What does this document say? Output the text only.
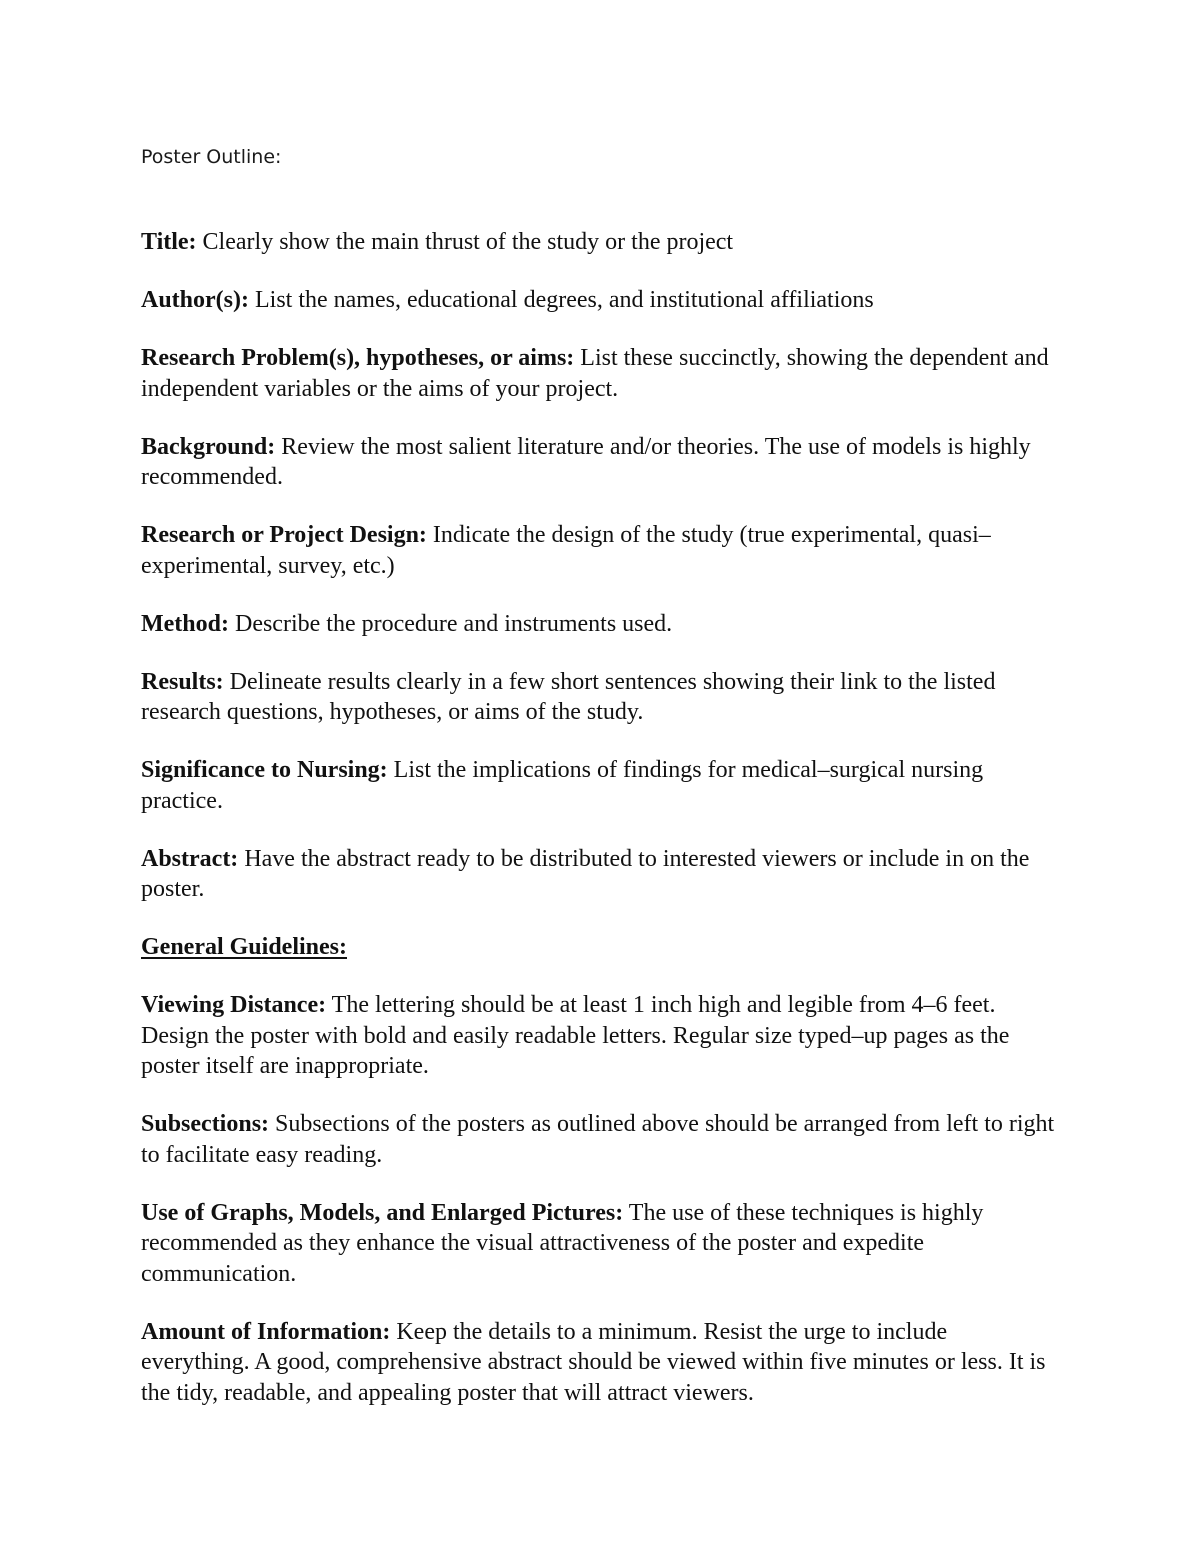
Poster Outline:

Title: Clearly show the main thrust of the study or the project

Author(s): List the names, educational degrees, and institutional affiliations

Research Problem(s), hypotheses, or aims: List these succinctly, showing the dependent and independent variables or the aims of your project.

Background: Review the most salient literature and/or theories. The use of models is highly recommended.

Research or Project Design: Indicate the design of the study (true experimental, quasi– experimental, survey, etc.)

Method: Describe the procedure and instruments used.

Results: Delineate results clearly in a few short sentences showing their link to the listed research questions, hypotheses, or aims of the study.

Significance to Nursing: List the implications of findings for medical–surgical nursing practice.

Abstract: Have the abstract ready to be distributed to interested viewers or include in on the poster.

General Guidelines:

Viewing Distance: The lettering should be at least 1 inch high and legible from 4–6 feet. Design the poster with bold and easily readable letters. Regular size typed–up pages as the poster itself are inappropriate.

Subsections: Subsections of the posters as outlined above should be arranged from left to right to facilitate easy reading.

Use of Graphs, Models, and Enlarged Pictures: The use of these techniques is highly recommended as they enhance the visual attractiveness of the poster and expedite communication.

Amount of Information: Keep the details to a minimum. Resist the urge to include everything. A good, comprehensive abstract should be viewed within five minutes or less. It is the tidy, readable, and appealing poster that will attract viewers.
